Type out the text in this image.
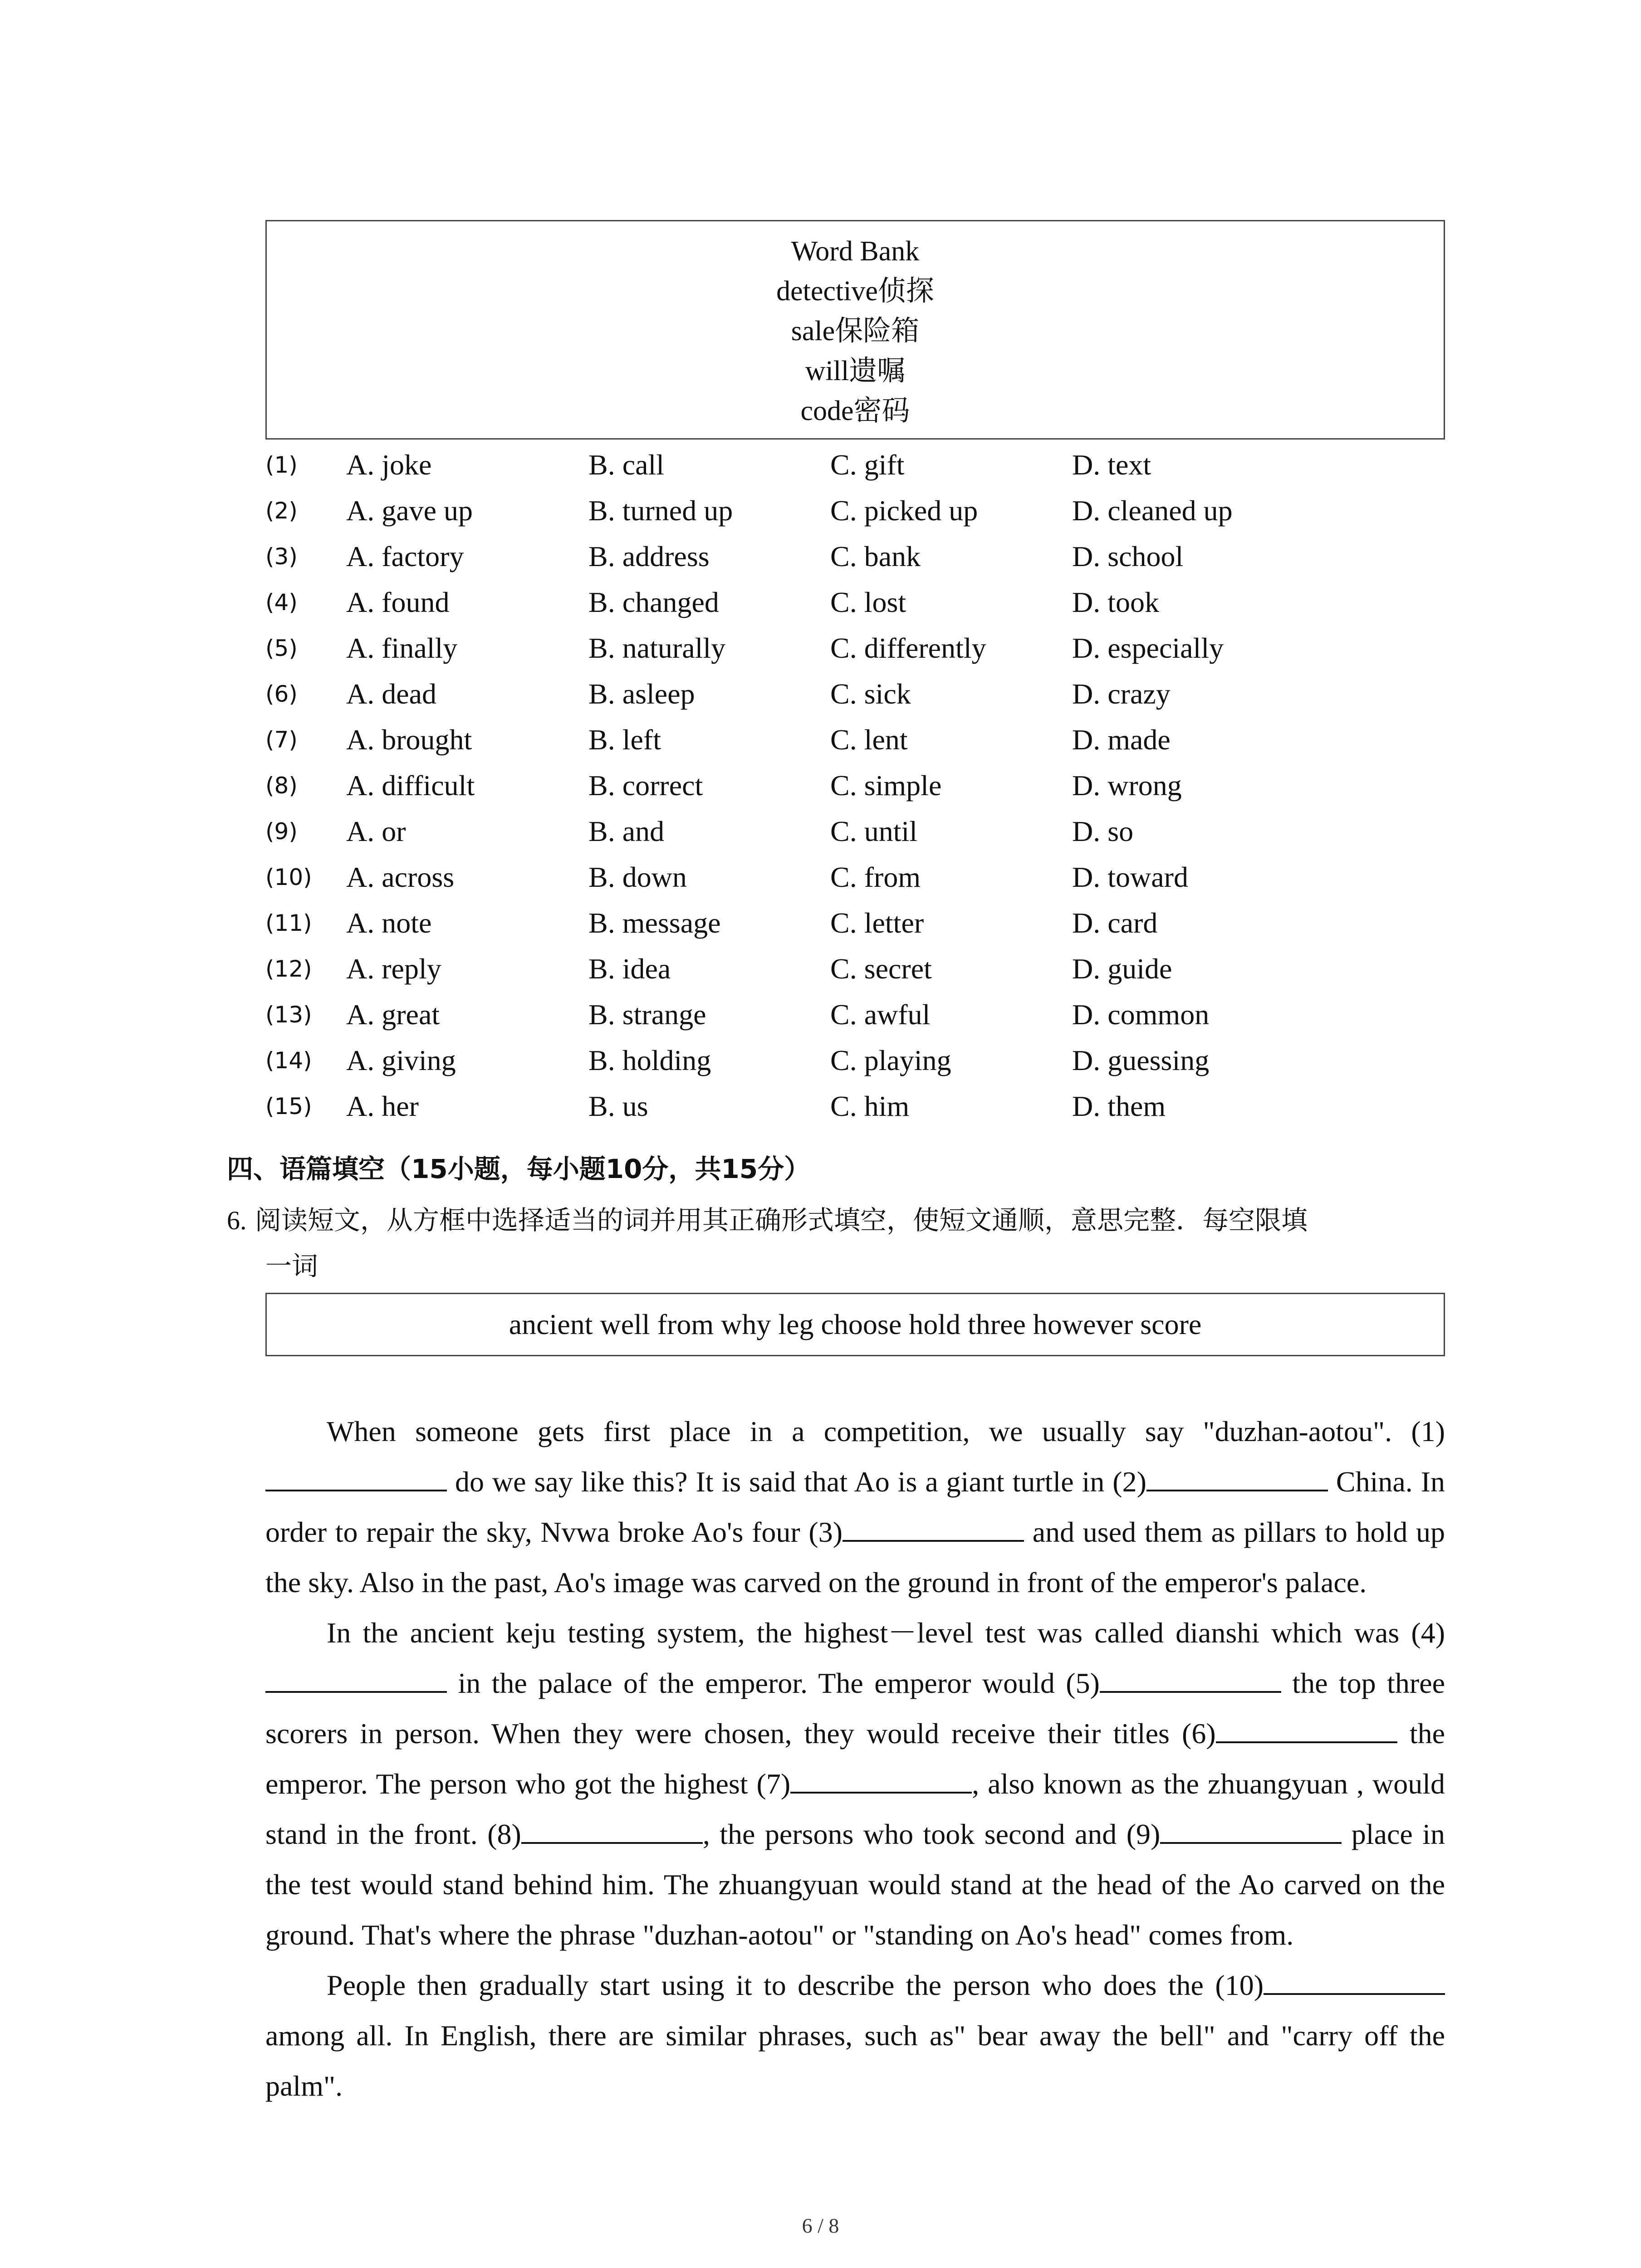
Word Bank
detective侦探
sale保险箱
will遗嘱
code密码
(1) A. joke	B. call	C. gift	D. text
(2) A. gave up	B. turned up	C. picked up	D. cleaned up
(3) A. factory	B. address	C. bank	D. school
(4) A. found	B. changed	C. lost	D. took
(5) A. finally	B. naturally	C. differently	D. especially
(6) A. dead	B. asleep	C. sick	D. crazy
(7) A. brought	B. left	C. lent	D. made
(8) A. difficult	B. correct	C. simple	D. wrong
(9) A. or	B. and	C. until	D. so
(10) A. across	B. down	C. from	D. toward
(11) A. note	B. message	C. letter	D. card
(12) A. reply	B. idea	C. secret	D. guide
(13) A. great	B. strange	C. awful	D. common
(14) A. giving	B. holding	C. playing	D. guessing
(15) A. her	B. us	C. him	D. them
四、语篇填空（15小题，每小题10分，共15分）
6. 阅读短文，从方框中选择适当的词并用其正确形式填空，使短文通顺，意思完整．每空限填
一词
ancient well from why leg choose hold three however score

When someone gets first place in a competition, we usually say "duzhan-aotou". (1) do we say like this? It is said that Ao is a giant turtle in (2)	China. In order to repair the sky, Nvwa broke Ao's four (3)	and used them as pillars to hold up the sky. Also in the past, Ao's image was carved on the ground in front of the emperor's palace.

In the ancient keju testing system, the highest－level test was called dianshi which was (4) in the palace of the emperor. The emperor would (5)	the top three scorers in person. When they were chosen, they would receive their titles (6)	the emperor. The person who got the highest (7)	, also known as the zhuangyuan , would stand in the front. (8)	, the persons who took second and (9)	place in the test would stand behind him. The zhuangyuan would stand at the head of the Ao carved on the ground. That's where the phrase "duzhan-aotou" or "standing on Ao's head" comes from.

People then gradually start using it to describe the person who does the (10) among all. In English, there are similar phrases, such as" bear away the bell" and "carry off the palm".

6 / 8
